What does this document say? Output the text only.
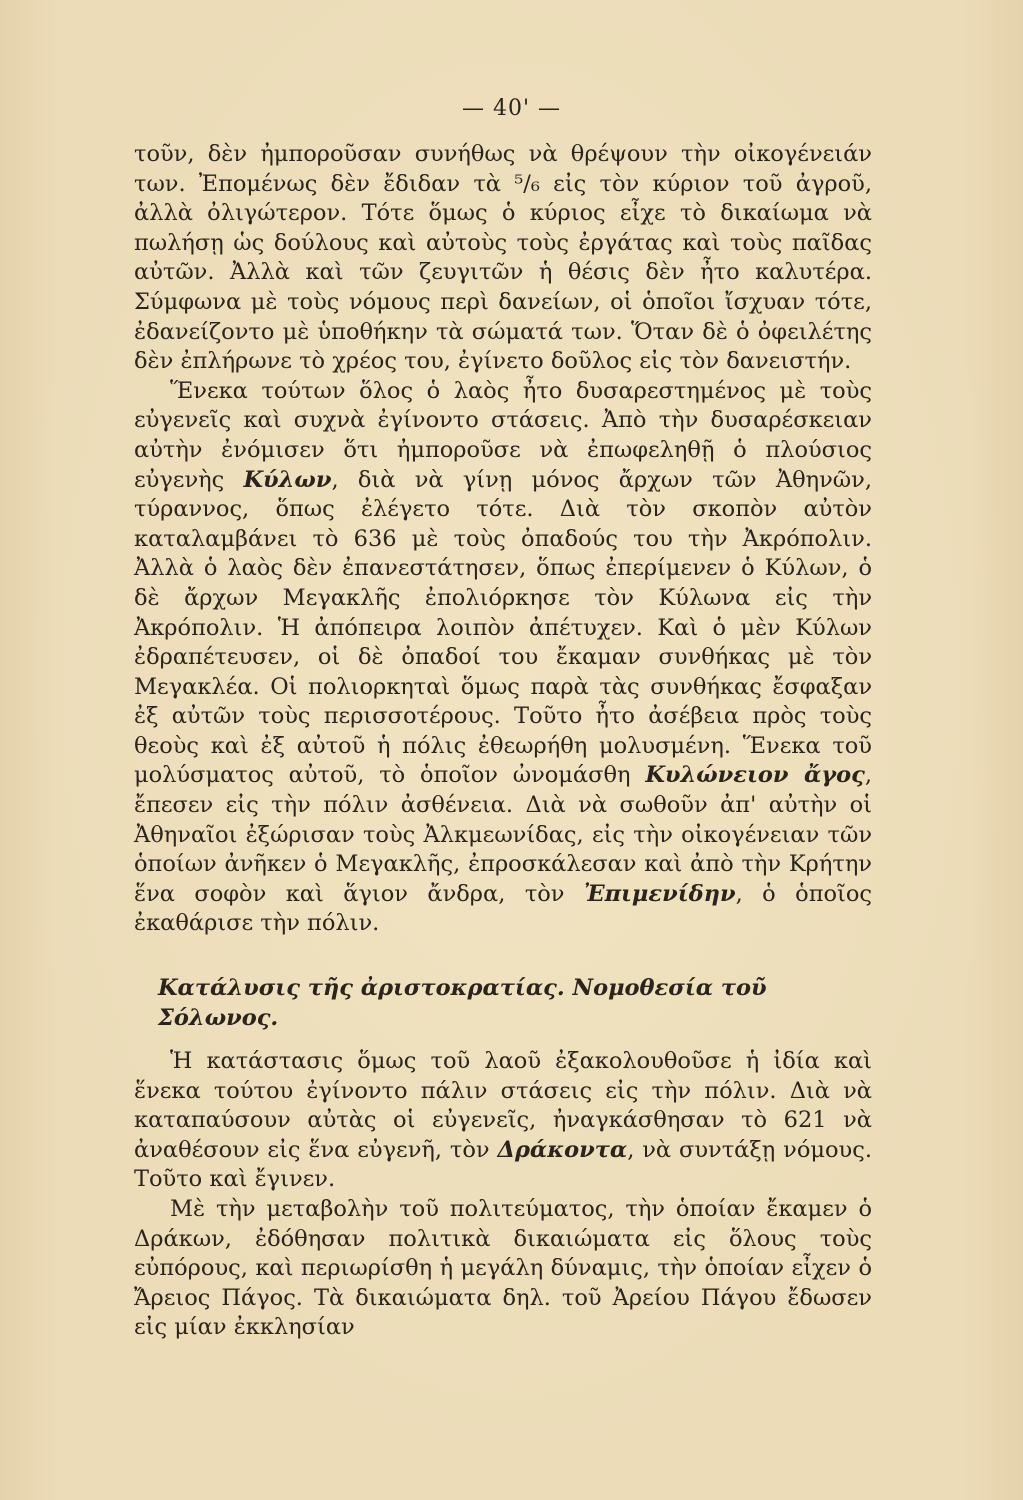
— 40' —

τοῦν, δὲν ἠμποροῦσαν συνήθως νὰ θρέψουν τὴν οἰκογένειάν των. Ἐπομένως δὲν ἔδιδαν τὰ ⁵/₆ εἰς τὸν κύριον τοῦ ἀγροῦ, ἀλλὰ ὀλιγώτερον. Τότε ὅμως ὁ κύριος εἶχε τὸ δικαίωμα νὰ πωλήσῃ ὡς δούλους καὶ αὐτοὺς τοὺς ἐργάτας καὶ τοὺς παῖδας αὐτῶν. Ἀλλὰ καὶ τῶν ζευγιτῶν ἡ θέσις δὲν ἦτο καλυτέρα. Σύμφωνα μὲ τοὺς νόμους περὶ δανείων, οἱ ὁποῖοι ἴσχυαν τότε, ἐδανείζοντο μὲ ὑποθήκην τὰ σώματά των. Ὅταν δὲ ὁ ὀφειλέτης δὲν ἐπλήρωνε τὸ χρέος του, ἐγίνετο δοῦλος εἰς τὸν δανειστήν.

Ἕνεκα τούτων ὅλος ὁ λαὸς ἦτο δυσαρεστημένος μὲ τοὺς εὐγενεῖς καὶ συχνὰ ἐγίνοντο στάσεις. Ἀπὸ τὴν δυσαρέσκειαν αὐτὴν ἐνόμισεν ὅτι ἠμποροῦσε νὰ ἐπωφεληθῇ ὁ πλούσιος εὐγενὴς Κύλων, διὰ νὰ γίνῃ μόνος ἄρχων τῶν Ἀθηνῶν, τύραννος, ὅπως ἐλέγετο τότε. Διὰ τὸν σκοπὸν αὐτὸν καταλαμβάνει τὸ 636 μὲ τοὺς ὀπαδούς του τὴν Ἀκρόπολιν. Ἀλλὰ ὁ λαὸς δὲν ἐπανεστάτησεν, ὅπως ἐπερίμενεν ὁ Κύλων, ὁ δὲ ἄρχων Μεγακλῆς ἐπολιόρκησε τὸν Κύλωνα εἰς τὴν Ἀκρόπολιν. Ἡ ἀπόπειρα λοιπὸν ἀπέτυχεν. Καὶ ὁ μὲν Κύλων ἐδραπέτευσεν, οἱ δὲ ὀπαδοί του ἔκαμαν συνθήκας μὲ τὸν Μεγακλέα. Οἱ πολιορκηταὶ ὅμως παρὰ τὰς συνθήκας ἔσφαξαν ἐξ αὐτῶν τοὺς περισσοτέρους. Τοῦτο ἦτο ἀσέβεια πρὸς τοὺς θεοὺς καὶ ἐξ αὐτοῦ ἡ πόλις ἐθεωρήθη μολυσμένη. Ἕνεκα τοῦ μολύσματος αὐτοῦ, τὸ ὁποῖον ὠνομάσθη Κυλώνειον ἄγος, ἔπεσεν εἰς τὴν πόλιν ἀσθένεια. Διὰ νὰ σωθοῦν ἀπ' αὐτὴν οἱ Ἀθηναῖοι ἐξώρισαν τοὺς Ἀλκμεωνίδας, εἰς τὴν οἰκογένειαν τῶν ὁποίων ἀνῆκεν ὁ Μεγακλῆς, ἐπροσκάλεσαν καὶ ἀπὸ τὴν Κρήτην ἕνα σοφὸν καὶ ἅγιον ἄνδρα, τὸν Ἐπιμενίδην, ὁ ὁποῖος ἐκαθάρισε τὴν πόλιν.

Κατάλυσις τῆς ἀριστοκρατίας. Νομοθεσία τοῦ Σόλωνος.

Ἡ κατάστασις ὅμως τοῦ λαοῦ ἐξακολουθοῦσε ἡ ἰδία καὶ ἕνεκα τούτου ἐγίνοντο πάλιν στάσεις εἰς τὴν πόλιν. Διὰ νὰ καταπαύσουν αὐτὰς οἱ εὐγενεῖς, ἠναγκάσθησαν τὸ 621 νὰ ἀναθέσουν εἰς ἕνα εὐγενῆ, τὸν Δράκοντα, νὰ συντάξῃ νόμους. Τοῦτο καὶ ἔγινεν.

Μὲ τὴν μεταβολὴν τοῦ πολιτεύματος, τὴν ὁποίαν ἔκαμεν ὁ Δράκων, ἐδόθησαν πολιτικὰ δικαιώματα εἰς ὅλους τοὺς εὐπόρους, καὶ περιωρίσθη ἡ μεγάλη δύναμις, τὴν ὁποίαν εἶχεν ὁ Ἄρειος Πάγος. Τὰ δικαιώματα δηλ. τοῦ Ἀρείου Πάγου ἔδωσεν εἰς μίαν ἐκκλησίαν
